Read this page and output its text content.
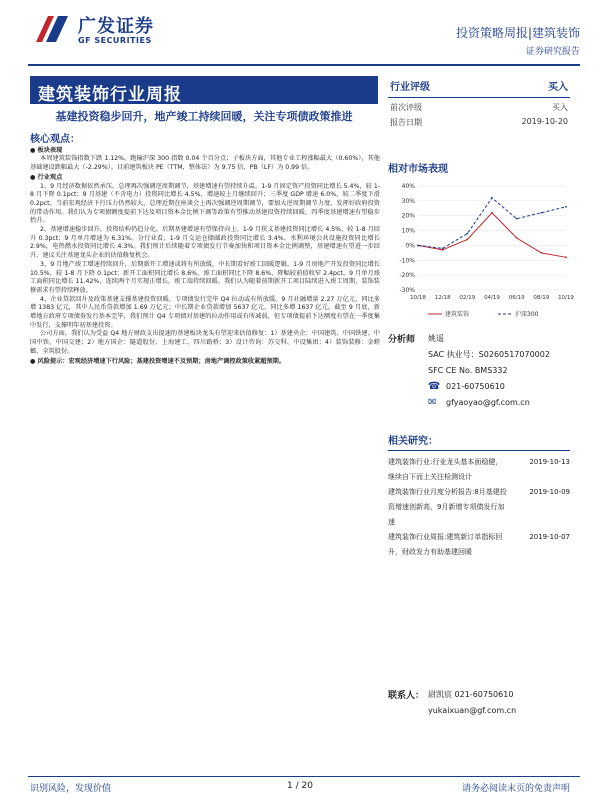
广发证券
GF SECURITIES
投资策略周报|建筑装饰
证券研究报告
建筑装饰行业周报
基建投资稳步回升，地产竣工持续回暖，关注专项债政策推进
核心观点：
● 板块表现

本周建筑装饰指数下跌 1.12%，跑输沪深 300 指数 0.04 个百分点；子板块方面，其他专业工程涨幅最大（0.60%），其他基础建设跌幅最大（-2.29%）。目前建筑板块 PE（TTM，整体法）为 9.75 倍，PB（LF）为 0.99 倍。

● 行业观点

1、9 月经济数据依然承压，总理再次强调逆周期调节，基建增速有望持续升温。1-9 月固定资产投资同比增长 5.4%，较 1-8 月下降 0.1pct；9 月基建（不含电力）投资同比增长 4.5%，增速较上月继续回升；三季度 GDP 增速 6.0%，较二季度下滑 0.2pct。当前宏观经济下行压力仍然较大，总理近期在座谈会上再次强调逆周期调节，要加大逆周期调节力度、发挥好政府投资的带动作用。我们认为专项债额度提前下达及项目资本金比例下调等政策有望推动基建投资持续回暖，四季度基建增速有望稳步抬升。

2、基建增速稳步回升，投资结构仍趋分化，后期基建增速有望保持向上。1-9 月狭义基建投资同比增长 4.5%，较 1-8 月回升 0.3pct；9 月单月增速为 6.31%。分行业看，1-9 月交运仓储邮政投资同比增长 3.4%，水利环境公共设施投资同比增长 2.9%，电热燃水投资同比增长 4.3%。我们预计后续随着专项债发行节奏加快和项目资本金比例调整，基建增速有望进一步回升，建议关注基建龙头企业的估值修复机会。

3、9 月地产竣工增速持续回升，后期新开工增速或将有所放缓，中长期看好竣工回暖逻辑。1-9 月房地产开发投资同比增长 10.5%，较 1-8 月下降 0.1pct；新开工面积同比增长 8.6%，竣工面积同比下降 8.6%，降幅较前值收窄 2.4pct。9 月单月竣工面积同比增长 11.42%，连续两个月实现正增长，竣工端持续回暖。我们认为随着前期新开工项目陆续进入竣工周期，装饰装修需求有望持续释放。

4、企业贷款回升及政策基建支撑基建投资回暖，专项债发行完毕 Q4 拉动或有所放缓。9 月社融增量 2.27 万亿元，同比多增 1383 亿元，其中人民币贷款增加 1.69 万亿元；中长期企业贷款增加 5637 亿元，同比多增 1637 亿元。截至 9 月底，新增地方政府专项债券发行基本完毕，我们预计 Q4 专项债对基建的拉动作用或有所减弱，但专项债提前下达额度有望在一季度集中发行，支撑明年初基建投资。

公司方面，我们认为受益 Q4 地方财政支出提速的基建板块龙头有望迎来估值修复：1）基建央企：中国建筑、中国铁建、中国中铁、中国交建；2）地方国企：隧道股份、上海建工、四川路桥；3）设计咨询：苏交科、中设集团；4）装饰装修：金螳螂、全筑股份。

● 风险提示：宏观经济增速下行风险；基建投资增速不及预期；房地产调控政策收紧超预期。
行业评级	买入
前次评级	买入
报告日期	2019-10-20
相对市场表现
40%
30%
20%
10%
0%
-10%
-20%
-30%
10/18 12/18 02/19 04/19 06/19 08/19 10/19
建筑装饰	沪深300
分析师	姚遥
SAC 执业号：S0260517070002
SFC CE No. BMS332
☎ 021-60750610
✉	gfyaoyao@gf.com.cn
相关研究：
建筑装饰行业:行业龙头基本面稳健，继续自下而上关注检测设计
2019-10-13
建筑装饰行业月度分析报告:8月基建投资增速创新高，9月新增专项债发行加速
2019-10-09
建筑装饰行业周报:建筑新订单指标回升，财政发力有助基建回暖
2019-10-07
联系人： 尉凯宸 021-60750610
yukaixuan@gf.com.cn
识别风险，发现价值	1 / 20	请务必阅读末页的免责声明
